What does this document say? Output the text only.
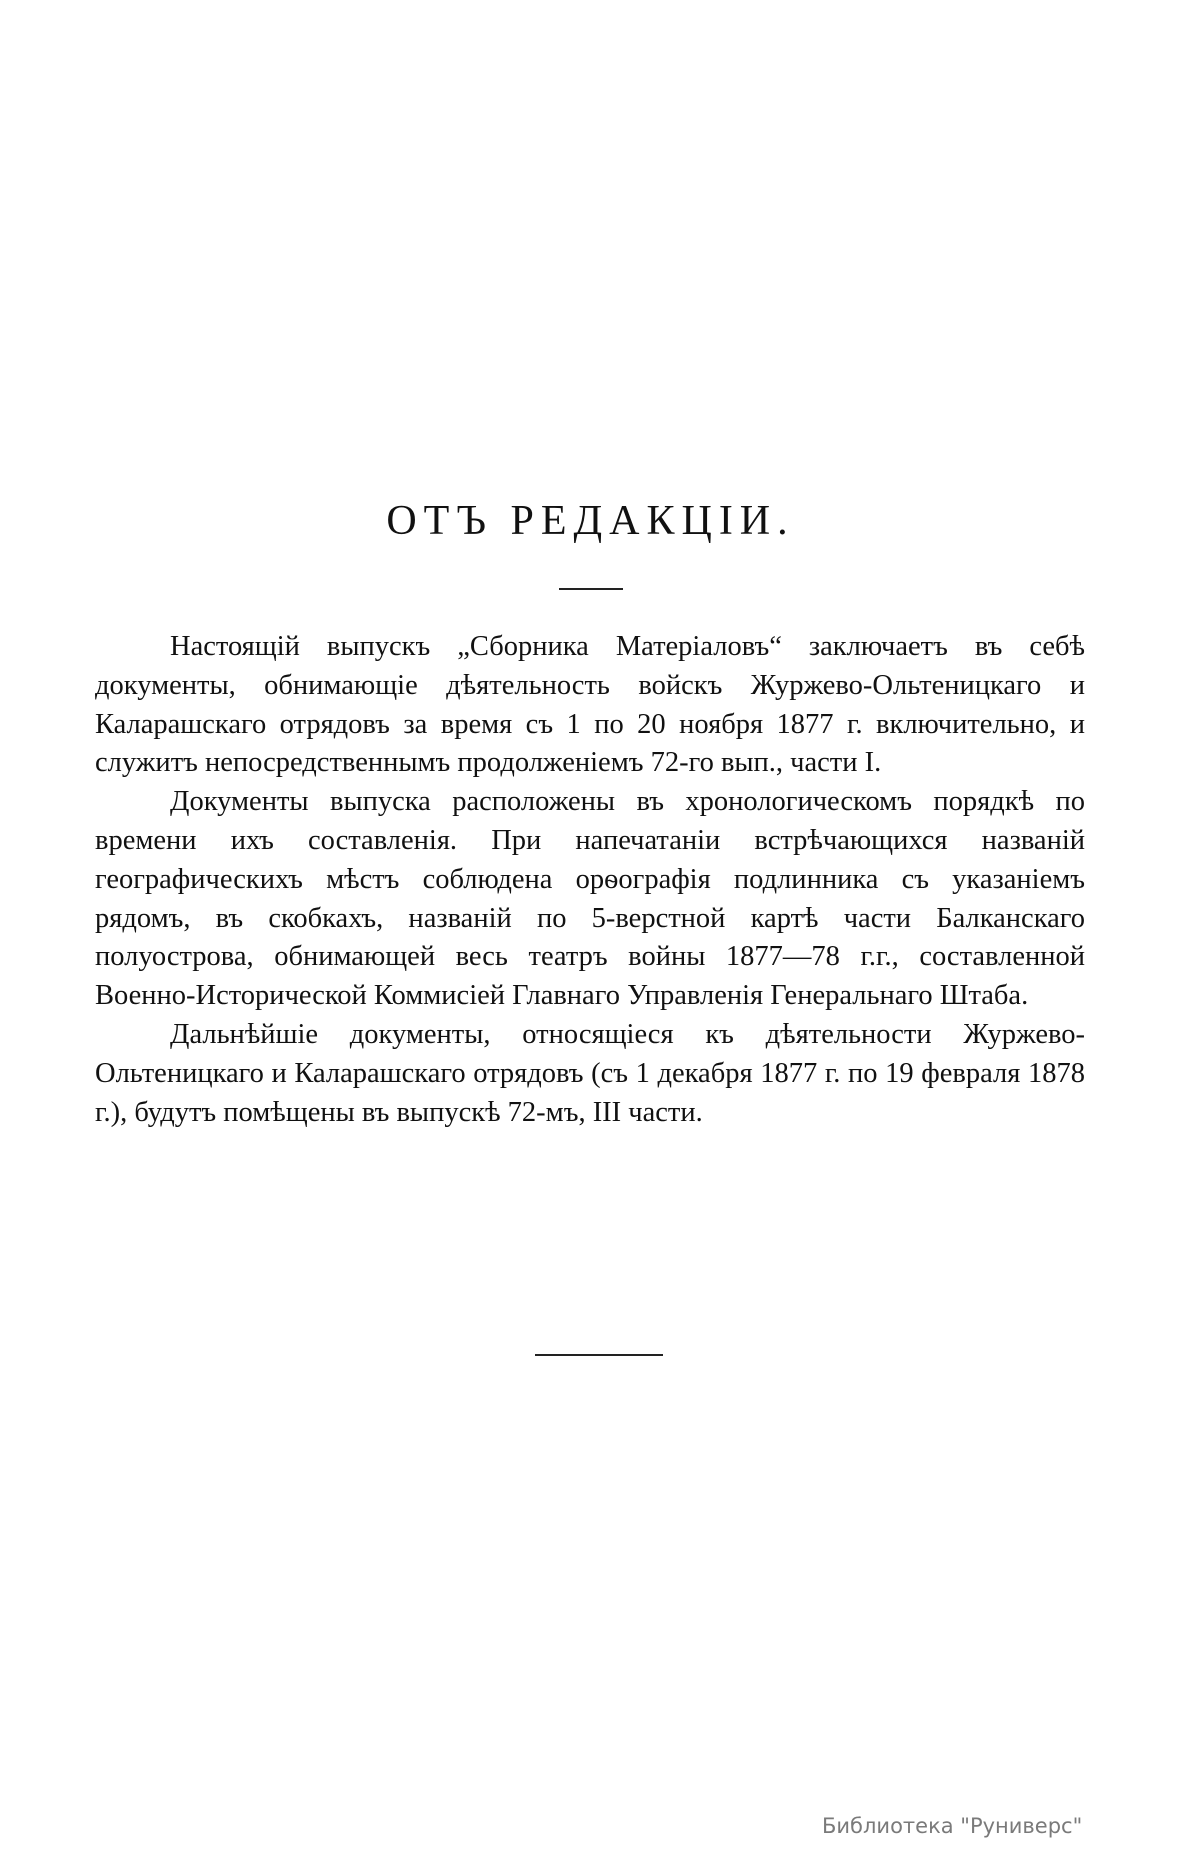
ОТЪ РЕДАКЦІИ.

Настоящій выпускъ „Сборника Матеріаловъ“ заключаетъ въ себѣ документы, обнимающіе дѣятельность войскъ Журжево-Ольтеницкаго и Каларашскаго отрядовъ за время съ 1 по 20 ноября 1877 г. включительно, и служитъ непосредственнымъ продолженіемъ 72-го вып., части I.

Документы выпуска расположены въ хронологическомъ порядкѣ по времени ихъ составленія. При напечатаніи встрѣчающихся названій географическихъ мѣстъ соблюдена орѳографія подлинника съ указаніемъ рядомъ, въ скобкахъ, названій по 5-верстной картѣ части Балканскаго полуострова, обнимающей весь театръ войны 1877—78 г.г., составленной Военно-Исторической Коммисіей Главнаго Управленія Генеральнаго Штаба.

Дальнѣйшіе документы, относящіеся къ дѣятельности Журжево-Ольтеницкаго и Каларашскаго отрядовъ (съ 1 декабря 1877 г. по 19 февраля 1878 г.), будутъ помѣщены въ выпускѣ 72-мъ, III части.

Библиотека "Руниверс"
